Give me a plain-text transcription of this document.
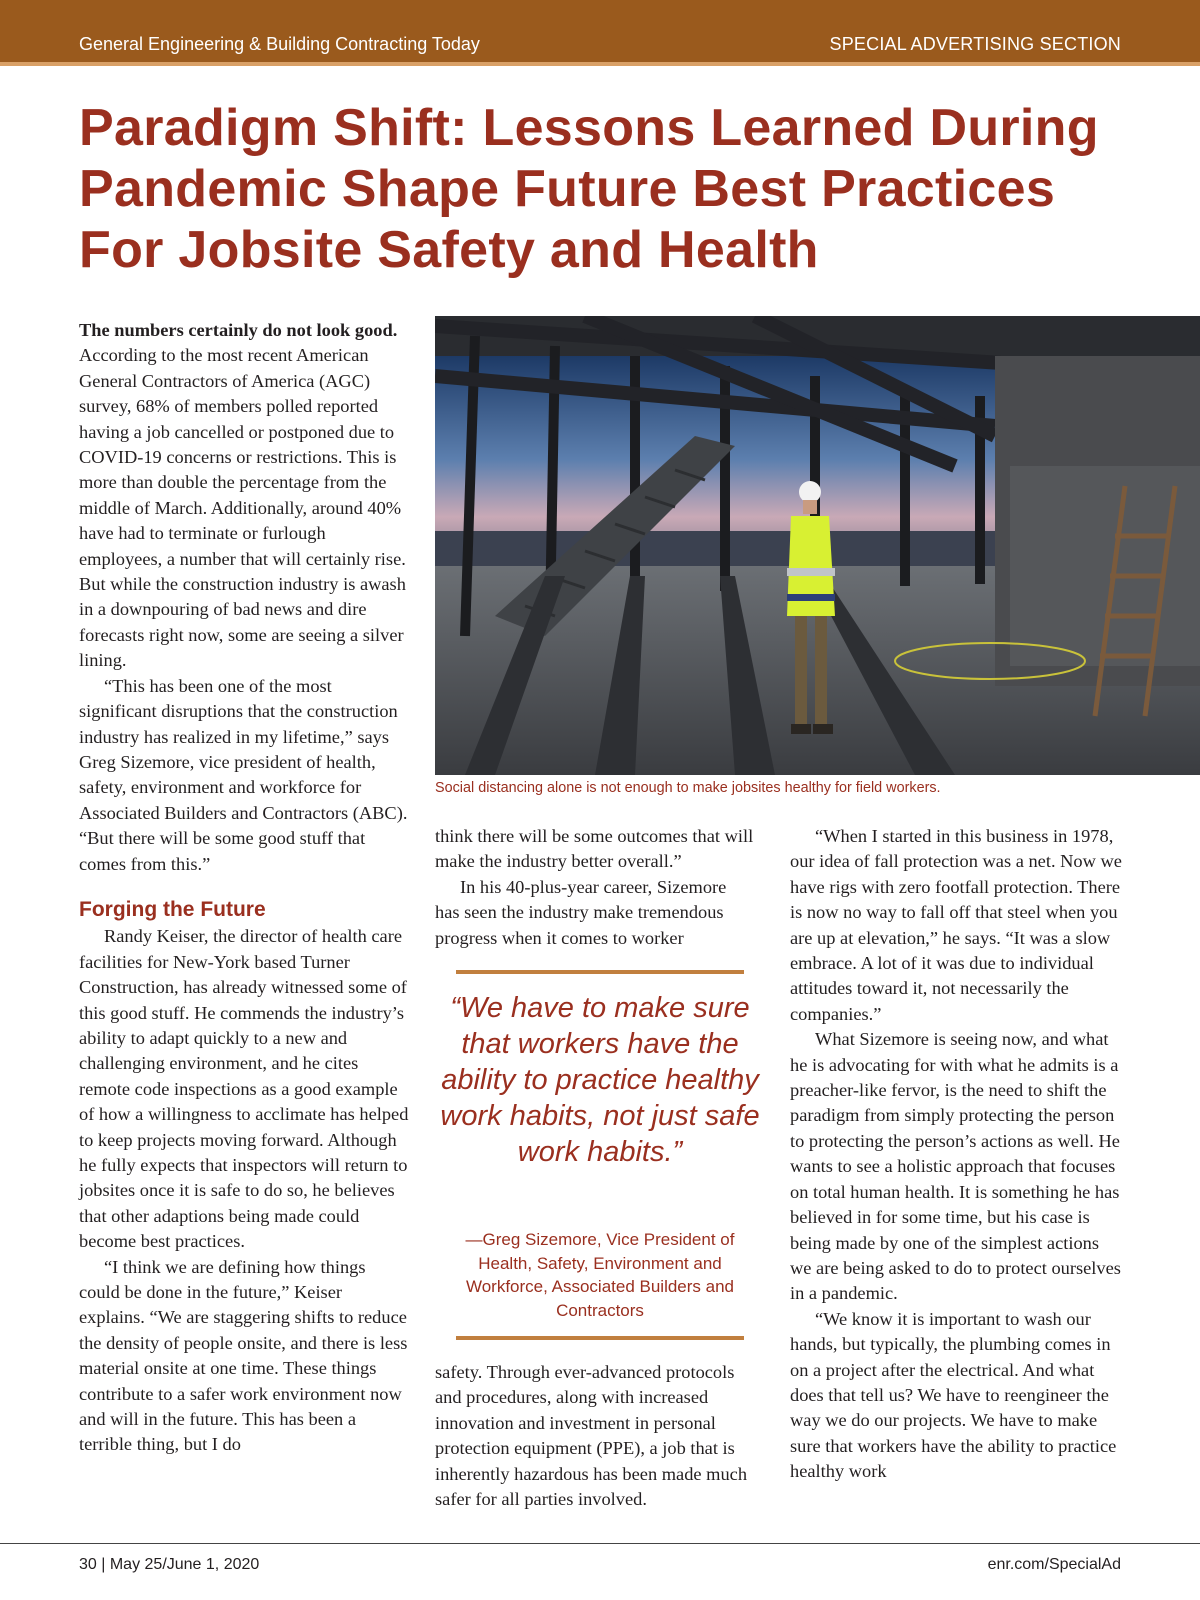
General Engineering & Building Contracting Today	SPECIAL ADVERTISING SECTION
Paradigm Shift: Lessons Learned During Pandemic Shape Future Best Practices For Jobsite Safety and Health

The numbers certainly do not look good. According to the most recent American General Contractors of America (AGC) survey, 68% of members polled reported having a job cancelled or postponed due to COVID-19 concerns or restrictions. This is more than double the percentage from the middle of March. Additionally, around 40% have had to terminate or furlough employees, a number that will certainly rise. But while the construction industry is awash in a downpouring of bad news and dire forecasts right now, some are seeing a silver lining.

“This has been one of the most significant disruptions that the construction industry has realized in my lifetime,” says Greg Sizemore, vice president of health, safety, environment and workforce for Associated Builders and Contractors (ABC). “But there will be some good stuff that comes from this.”

Forging the Future

Randy Keiser, the director of health care facilities for New-York based Turner Construction, has already witnessed some of this good stuff. He commends the industry’s ability to adapt quickly to a new and challenging environment, and he cites remote code inspections as a good example of how a willingness to acclimate has helped to keep projects moving forward. Although he fully expects that inspectors will return to jobsites once it is safe to do so, he believes that other adaptions being made could become best practices.

“I think we are defining how things could be done in the future,” Keiser explains. “We are staggering shifts to reduce the density of people onsite, and there is less material onsite at one time. These things contribute to a safer work environment now and will in the future. This has been a terrible thing, but I do

Social distancing alone is not enough to make jobsites healthy for field workers.

think there will be some outcomes that will make the industry better overall.”

In his 40-plus-year career, Sizemore has seen the industry make tremendous progress when it comes to worker

“We have to make sure that workers have the ability to practice healthy work habits, not just safe work habits.”

—Greg Sizemore, Vice President of Health, Safety, Environment and Workforce, Associated Builders and Contractors

safety. Through ever-advanced protocols and procedures, along with increased innovation and investment in personal protection equipment (PPE), a job that is inherently hazardous has been made much safer for all parties involved.

“When I started in this business in 1978, our idea of fall protection was a net. Now we have rigs with zero footfall protection. There is now no way to fall off that steel when you are up at elevation,” he says. “It was a slow embrace. A lot of it was due to individual attitudes toward it, not necessarily the companies.”

What Sizemore is seeing now, and what he is advocating for with what he admits is a preacher-like fervor, is the need to shift the paradigm from simply protecting the person to protecting the person’s actions as well. He wants to see a holistic approach that focuses on total human health. It is something he has believed in for some time, but his case is being made by one of the simplest actions we are being asked to do to protect ourselves in a pandemic.

“We know it is important to wash our hands, but typically, the plumbing comes in on a project after the electrical. And what does that tell us? We have to reengineer the way we do our projects. We have to make sure that workers have the ability to practice healthy work

30 | May 25/June 1, 2020	enr.com/SpecialAd
